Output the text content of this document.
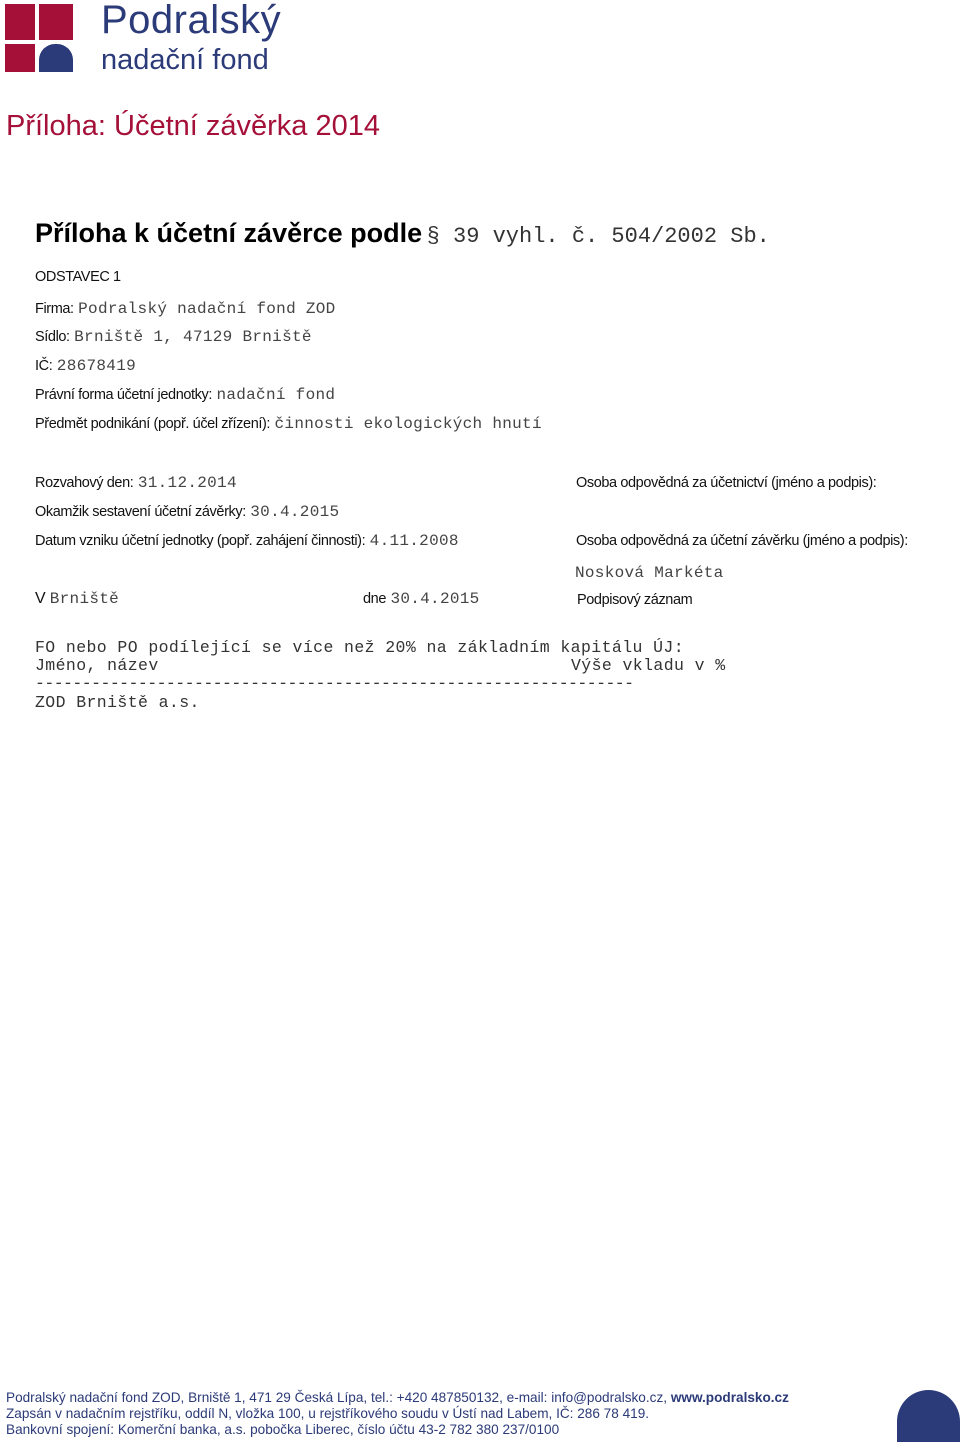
Podralský
nadační fond
Příloha: Účetní závěrka 2014
Příloha k účetní závěrce podle § 39 vyhl. č. 504/2002 Sb.
ODSTAVEC 1
Firma: Podralský nadační fond ZOD
Sídlo: Brniště 1, 47129 Brniště
IČ: 28678419
Právní forma účetní jednotky: nadační fond
Předmět podnikání (popř. účel zřízení): činnosti ekologických hnutí
Rozvahový den: 31.12.2014
Okamžik sestavení účetní závěrky: 30.4.2015
Datum vzniku účetní jednotky (popř. zahájení činnosti): 4.11.2008
Osoba odpovědná za účetnictví (jméno a podpis):
Osoba odpovědná za účetní závěrku (jméno a podpis):
Nosková Markéta
V Brniště	dne 30.4.2015	Podpisový záznam
FO nebo PO podílející se více než 20% na základním kapitálu ÚJ:
Jméno, název	Výše vkladu v %
----------------------------------------------------------------
ZOD Brniště a.s.
Podralský nadační fond ZOD, Brniště 1, 471 29 Česká Lípa, tel.: +420 487850132, e-mail: info@podralsko.cz, www.podralsko.cz
Zapsán v nadačním rejstříku, oddíl N, vložka 100, u rejstříkového soudu v Ústí nad Labem, IČ: 286 78 419.
Bankovní spojení: Komerční banka, a.s. pobočka Liberec, číslo účtu 43-2 782 380 237/0100
